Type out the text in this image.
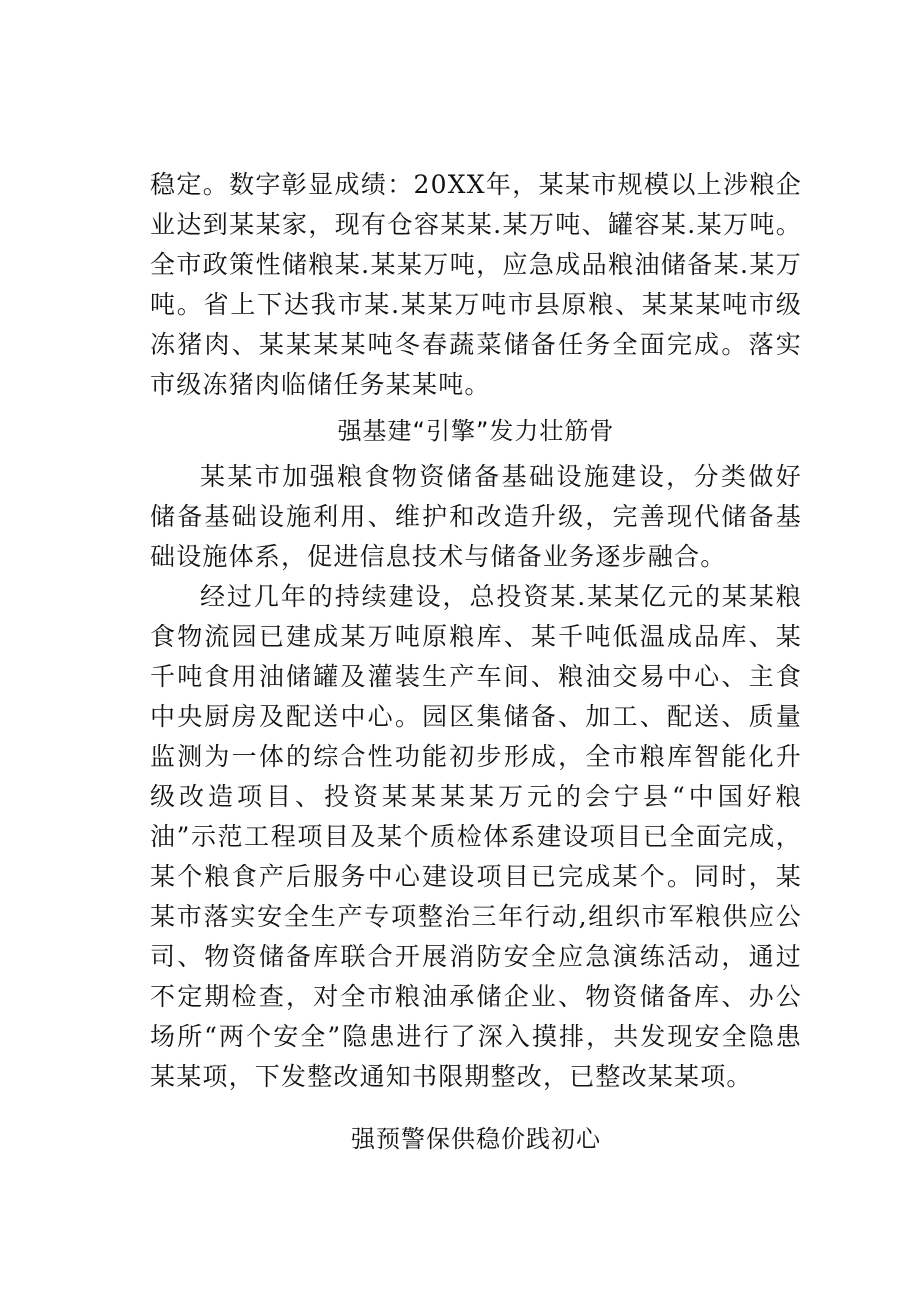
稳定。数字彰显成绩：20XX年，某某市规模以上涉粮企业达到某某家，现有仓容某某.某万吨、罐容某.某万吨。全市政策性储粮某.某某万吨，应急成品粮油储备某.某万吨。省上下达我市某.某某万吨市县原粮、某某某吨市级冻猪肉、某某某某吨冬春蔬菜储备任务全面完成。落实市级冻猪肉临储任务某某吨。

强基建“引擎”发力壮筋骨

某某市加强粮食物资储备基础设施建设，分类做好储备基础设施利用、维护和改造升级，完善现代储备基础设施体系，促进信息技术与储备业务逐步融合。

经过几年的持续建设，总投资某.某某亿元的某某粮食物流园已建成某万吨原粮库、某千吨低温成品库、某千吨食用油储罐及灌装生产车间、粮油交易中心、主食中央厨房及配送中心。园区集储备、加工、配送、质量监测为一体的综合性功能初步形成，全市粮库智能化升级改造项目、投资某某某某万元的会宁县“中国好粮油”示范工程项目及某个质检体系建设项目已全面完成，某个粮食产后服务中心建设项目已完成某个。同时，某某市落实安全生产专项整治三年行动,组织市军粮供应公司、物资储备库联合开展消防安全应急演练活动，通过不定期检查，对全市粮油承储企业、物资储备库、办公场所“两个安全”隐患进行了深入摸排，共发现安全隐患某某项，下发整改通知书限期整改，已整改某某项。

强预警保供稳价践初心
